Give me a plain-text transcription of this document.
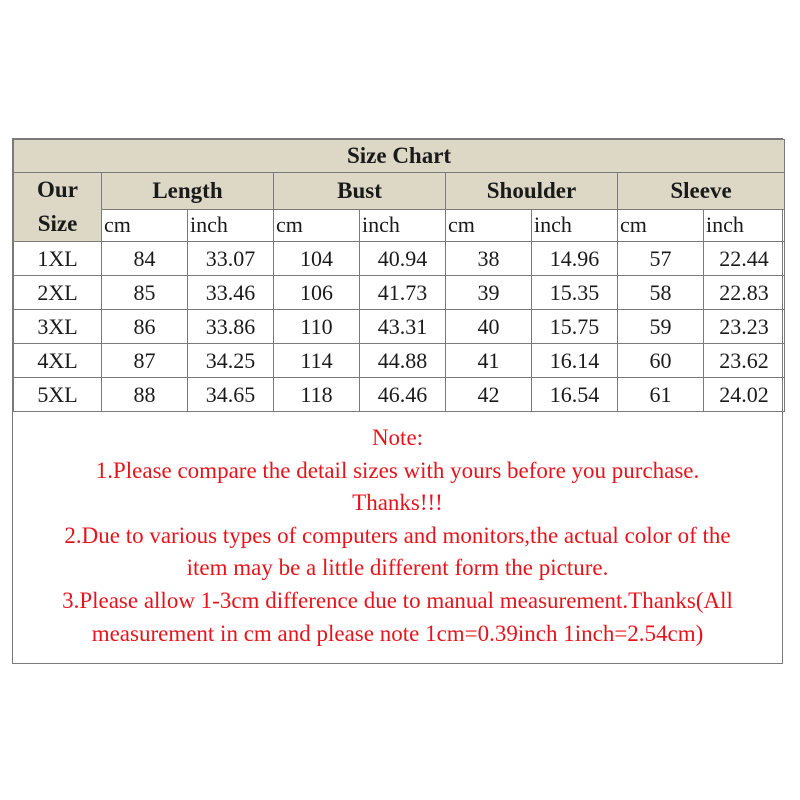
Size Chart								
Our
Size	Length		Bust		Shoulder		Sleeve	
	cm	inch	cm	inch	cm	inch	cm	inch
1XL	84	33.07	104	40.94	38	14.96	57	22.44
2XL	85	33.46	106	41.73	39	15.35	58	22.83
3XL	86	33.86	110	43.31	40	15.75	59	23.23
4XL	87	34.25	114	44.88	41	16.14	60	23.62
5XL	88	34.65	118	46.46	42	16.54	61	24.02

Note:

1.Please compare the detail sizes with yours before you purchase.

Thanks!!!

2.Due to various types of computers and monitors,the actual color of the

item may be a little different form the picture.

3.Please allow 1-3cm difference due to manual measurement.Thanks(All

measurement in cm and please note 1cm=0.39inch 1inch=2.54cm)
